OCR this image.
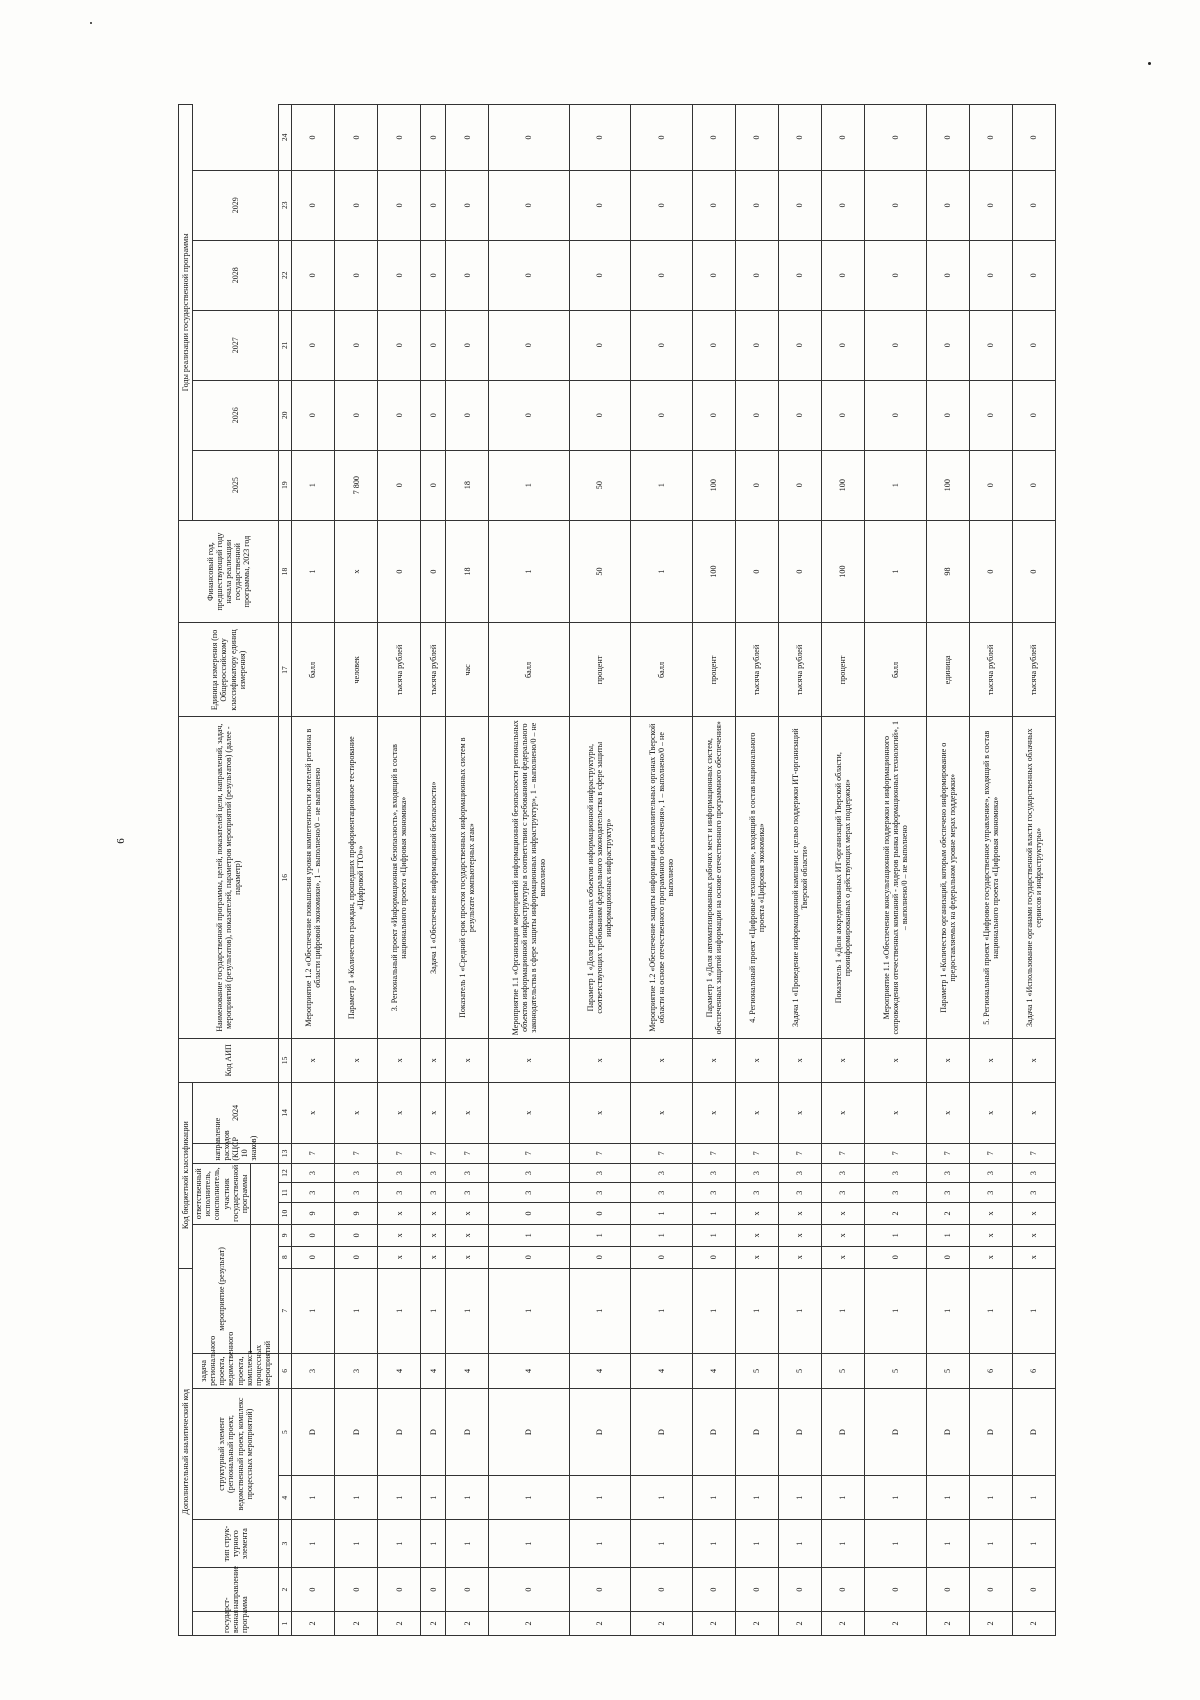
6
Дополнительный аналитический код							Код бюджетной классификации							Код АИП	Наименование государственной программы, целей, показателей цели, направлений, задач, мероприятий (результатов), показателей, параметров мероприятий (результатов) (далее - параметр)	Единица измерения (по Общероссийскому классификатору единиц измерения)	Финансовый год, предшествующий году начала реализации государственной программы, 2023 год	Годы реализации государственной программы					
государст-венная программа	направление	тип струк-турного элемента	структурный элемент (региональный проект, ведомственный проект, комплекс процессных мероприятий)		задача регионального проекта, ведомственного проекта, комплекса процессных мероприятий	мероприятие (результат)			ответственный исполнитель, соисполнитель, участник государственной программы			направление расходов (КЦСР 10 знаков)	2024					2025	2026	2027	2028	2029	

1	2	3	4	5	6	7	8	9	10	11	12	13	14	15	16	17	18	19	20	21	22	23	24
2	0	1	1	D	3	1	0	0	9	3	3	7	x	x	Мероприятие 1.2 «Обеспечение повышения уровня компетентности жителей региона в области цифровой экономики», 1 – выполнено/0 – не выполнено	балл	1	1	0	0	0	0	0
2	0	1	1	D	3	1	0	0	9	3	3	7	x	x	Параметр 1 «Количество граждан, прошедших профориентационное тестирование «Цифровой ГТО»»	человек	x	7 800	0	0	0	0	0
2	0	1	1	D	4	1	x	x	x	3	3	7	x	x	3. Региональный проект «Информационная безопасность», входящий в состав национального проекта «Цифровая экономика»	тысяча рублей	0	0	0	0	0	0	0
2	0	1	1	D	4	1	x	x	x	3	3	7	x	x	Задача 1 «Обеспечение информационной безопасности»	тысяча рублей	0	0	0	0	0	0	0
2	0	1	1	D	4	1	x	x	x	3	3	7	x	x	Показатель 1 «Средний срок простоя государственных информационных систем в результате компьютерных атак»	час	18	18	0	0	0	0	0
2	0	1	1	D	4	1	0	1	0	3	3	7	x	x	Мероприятие 1.1 «Организация мероприятий информационной безопасности региональных объектов информационной инфраструктуры в соответствии с требованиями федерального законодательства в сфере защиты информационных инфраструктур», 1 – выполнено/0 – не выполнено	балл	1	1	0	0	0	0	0
2	0	1	1	D	4	1	0	1	0	3	3	7	x	x	Параметр 1 «Доля региональных объектов информационной инфраструктуры, соответствующих требованиям федерального законодательства в сфере защиты информационных инфраструктур»	процент	50	50	0	0	0	0	0
2	0	1	1	D	4	1	0	1	1	3	3	7	x	x	Мероприятие 1.2 «Обеспечение защиты информации в исполнительных органах Тверской области на основе отечественного программного обеспечения», 1 – выполнено/0 – не выполнено	балл	1	1	0	0	0	0	0
2	0	1	1	D	4	1	0	1	1	3	3	7	x	x	Параметр 1 «Доля автоматизированных рабочих мест и информационных систем, обеспеченных защитой информации на основе отечественного программного обеспечения»	процент	100	100	0	0	0	0	0
2	0	1	1	D	5	1	x	x	x	3	3	7	x	x	4. Региональный проект «Цифровые технологии», входящий в состав национального проекта «Цифровая экономика»	тысяча рублей	0	0	0	0	0	0	0
2	0	1	1	D	5	1	x	x	x	3	3	7	x	x	Задача 1 «Проведение информационной кампании с целью поддержки ИТ-организаций Тверской области»	тысяча рублей	0	0	0	0	0	0	0
2	0	1	1	D	5	1	x	x	x	3	3	7	x	x	Показатель 1 «Доля аккредитованных ИТ-организаций Тверской области, проинформированных о действующих мерах поддержки»	процент	100	100	0	0	0	0	0
2	0	1	1	D	5	1	0	1	2	3	3	7	x	x	Мероприятие 1.1 «Обеспечение консультационной поддержки и информационного сопровождения отечественных компаний - лидеров рынка информационных технологий», 1 – выполнено/0 – не выполнено	балл	1	1	0	0	0	0	0
2	0	1	1	D	5	1	0	1	2	3	3	7	x	x	Параметр 1 «Количество организаций, которым обеспечено информирование о предоставляемых на федеральном уровне мерах поддержки»	единица	98	100	0	0	0	0	0
2	0	1	1	D	6	1	x	x	x	3	3	7	x	x	5. Региональный проект «Цифровое государственное управление», входящий в состав национального проекта «Цифровая экономика»	тысяча рублей	0	0	0	0	0	0	0
2	0	1	1	D	6	1	x	x	x	3	3	7	x	x	Задача 1 «Использование органами государственной власти государственных облачных сервисов и инфраструктуры»	тысяча рублей	0	0	0	0	0	0	0
